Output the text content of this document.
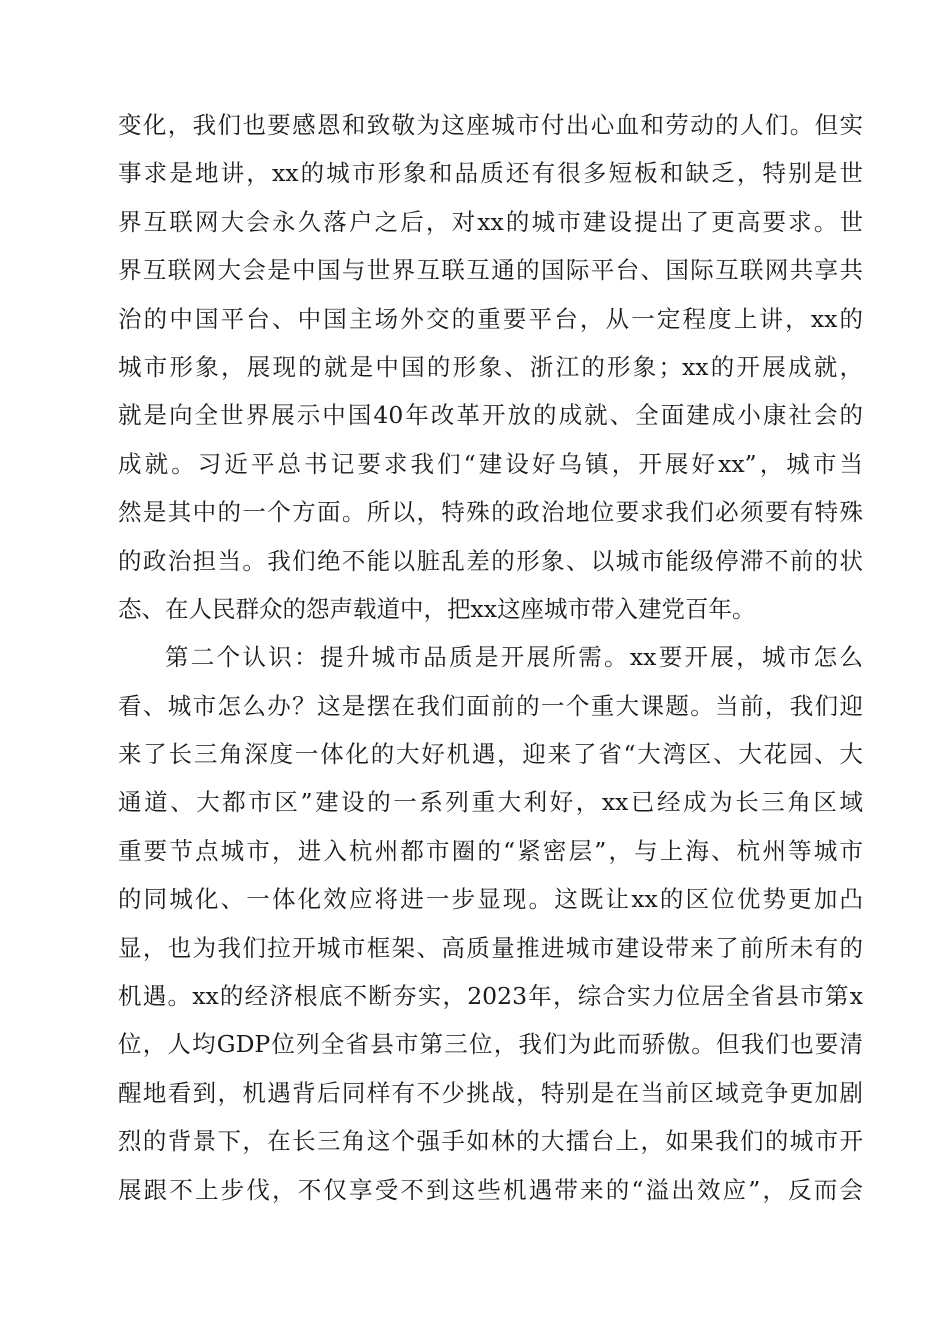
变化，我们也要感恩和致敬为这座城市付出心血和劳动的人们。但实
事求是地讲，xx的城市形象和品质还有很多短板和缺乏，特别是世
界互联网大会永久落户之后，对xx的城市建设提出了更高要求。世
界互联网大会是中国与世界互联互通的国际平台、国际互联网共享共
治的中国平台、中国主场外交的重要平台，从一定程度上讲，xx的
城市形象，展现的就是中国的形象、浙江的形象；xx的开展成就，
就是向全世界展示中国40年改革开放的成就、全面建成小康社会的
成就。习近平总书记要求我们“建设好乌镇，开展好xx”，城市当
然是其中的一个方面。所以，特殊的政治地位要求我们必须要有特殊
的政治担当。我们绝不能以脏乱差的形象、以城市能级停滞不前的状
态、在人民群众的怨声载道中，把xx这座城市带入建党百年。
第二个认识：提升城市品质是开展所需。xx要开展，城市怎么
看、城市怎么办？这是摆在我们面前的一个重大课题。当前，我们迎
来了长三角深度一体化的大好机遇，迎来了省“大湾区、大花园、大
通道、大都市区”建设的一系列重大利好，xx已经成为长三角区域
重要节点城市，进入杭州都市圈的“紧密层”，与上海、杭州等城市
的同城化、一体化效应将进一步显现。这既让xx的区位优势更加凸
显，也为我们拉开城市框架、高质量推进城市建设带来了前所未有的
机遇。xx的经济根底不断夯实，2023年，综合实力位居全省县市第x
位，人均GDP位列全省县市第三位，我们为此而骄傲。但我们也要清
醒地看到，机遇背后同样有不少挑战，特别是在当前区域竞争更加剧
烈的背景下，在长三角这个强手如林的大擂台上，如果我们的城市开
展跟不上步伐，不仅享受不到这些机遇带来的“溢出效应”，反而会
